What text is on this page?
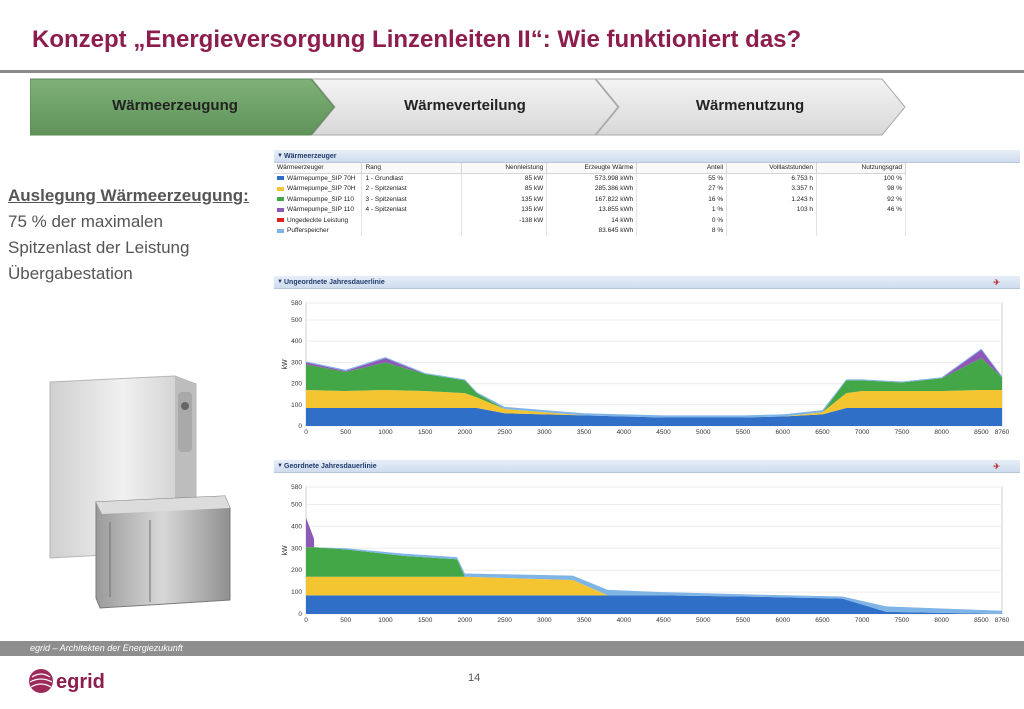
Konzept „Energieversorgung Linzenleiten II“: Wie funktioniert das?
Wärmeerzeugung	Wärmeverteilung	Wärmenutzung
Auslegung Wärmeerzeugung:
75 % der maximalen
Spitzenlast der Leistung
Übergabestation
▼ Wärmeerzeuger
Wärmeerzeuger	Rang	Nennleistung	Erzeugte Wärme	Anteil	Volllaststunden	Nutzungsgrad
Wärmepumpe_SIP 70H	1 - Grundlast	85 kW	573.998 kWh	55 %	6.753 h	100 %
Wärmepumpe_SIP 70H	2 - Spitzenlast	85 kW	285.386 kWh	27 %	3.357 h	98 %
Wärmepumpe_SIP 110	3 - Spitzenlast	135 kW	167.822 kWh	16 %	1.243 h	92 %
Wärmepumpe_SIP 110	4 - Spitzenlast	135 kW	13.855 kWh	1 %	103 h	46 %
Ungedeckte Leistung		-138 kW	14 kWh	0 %		
Pufferspeicher			83.645 kWh	8 %		
▼ Ungeordnete Jahresdauerlinie	✈
0
100
200
300
400
500
580
0	500	1000	1500	2000	2500	3000	3500	4000	4500	5000	5500	6000	6500	7000	7500	8000	8500 8760
kW
▼ Geordnete Jahresdauerlinie	✈
0
100
200
300
400
500
580
0	500	1000	1500	2000	2500	3000	3500	4000	4500	5000	5500	6000	6500	7000	7500	8000	8500 8760
kW
egrid – Architekten der Energiezukunft
14
egrid
